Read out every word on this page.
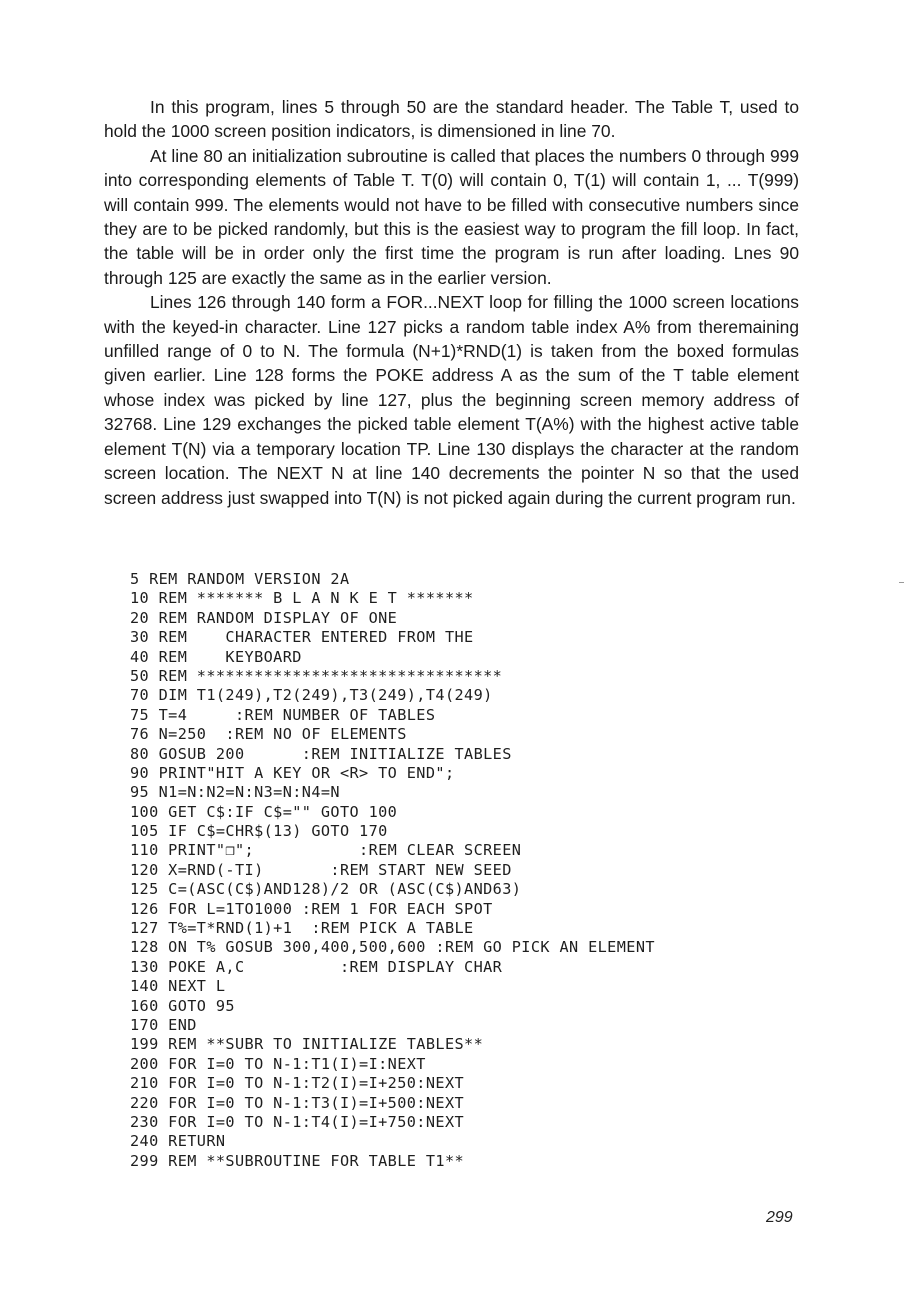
In this program, lines 5 through 50 are the standard header. The Table T, used to hold the 1000 screen position indicators, is dimensioned in line 70.

At line 80 an initialization subroutine is called that places the numbers 0 through 999 into corresponding elements of Table T. T(0) will contain 0, T(1) will contain 1, ... T(999) will contain 999. The elements would not have to be filled with consecutive numbers since they are to be picked randomly, but this is the easiest way to program the fill loop. In fact, the table will be in order only the first time the program is run after loading. Lnes 90 through 125 are exactly the same as in the earlier version.

Lines 126 through 140 form a FOR...NEXT loop for filling the 1000 screen locations with the keyed-in character. Line 127 picks a random table index A% from theremaining unfilled range of 0 to N. The formula (N+1)*RND(1) is taken from the boxed formulas given earlier. Line 128 forms the POKE address A as the sum of the T table element whose index was picked by line 127, plus the beginning screen memory address of 32768. Line 129 exchanges the picked table element T(A%) with the highest active table element T(N) via a temporary location TP. Line 130 displays the character at the random screen location. The NEXT N at line 140 decrements the pointer N so that the used screen address just swapped into T(N) is not picked again during the current program run.

5 REM RANDOM VERSION 2A
10 REM ******* B L A N K E T *******
20 REM RANDOM DISPLAY OF ONE
30 REM    CHARACTER ENTERED FROM THE
40 REM    KEYBOARD
50 REM ********************************
70 DIM T1(249),T2(249),T3(249),T4(249)
75 T=4     :REM NUMBER OF TABLES
76 N=250  :REM NO OF ELEMENTS
80 GOSUB 200      :REM INITIALIZE TABLES
90 PRINT"HIT A KEY OR <R> TO END";
95 N1=N:N2=N:N3=N:N4=N
100 GET C$:IF C$="" GOTO 100
105 IF C$=CHR$(13) GOTO 170
110 PRINT"❒";           :REM CLEAR SCREEN
120 X=RND(-TI)       :REM START NEW SEED
125 C=(ASC(C$)AND128)/2 OR (ASC(C$)AND63)
126 FOR L=1TO1000 :REM 1 FOR EACH SPOT
127 T%=T*RND(1)+1  :REM PICK A TABLE
128 ON T% GOSUB 300,400,500,600 :REM GO PICK AN ELEMENT
130 POKE A,C          :REM DISPLAY CHAR
140 NEXT L
160 GOTO 95
170 END
199 REM **SUBR TO INITIALIZE TABLES**
200 FOR I=0 TO N-1:T1(I)=I:NEXT
210 FOR I=0 TO N-1:T2(I)=I+250:NEXT
220 FOR I=0 TO N-1:T3(I)=I+500:NEXT
230 FOR I=0 TO N-1:T4(I)=I+750:NEXT
240 RETURN
299 REM **SUBROUTINE FOR TABLE T1**
299
